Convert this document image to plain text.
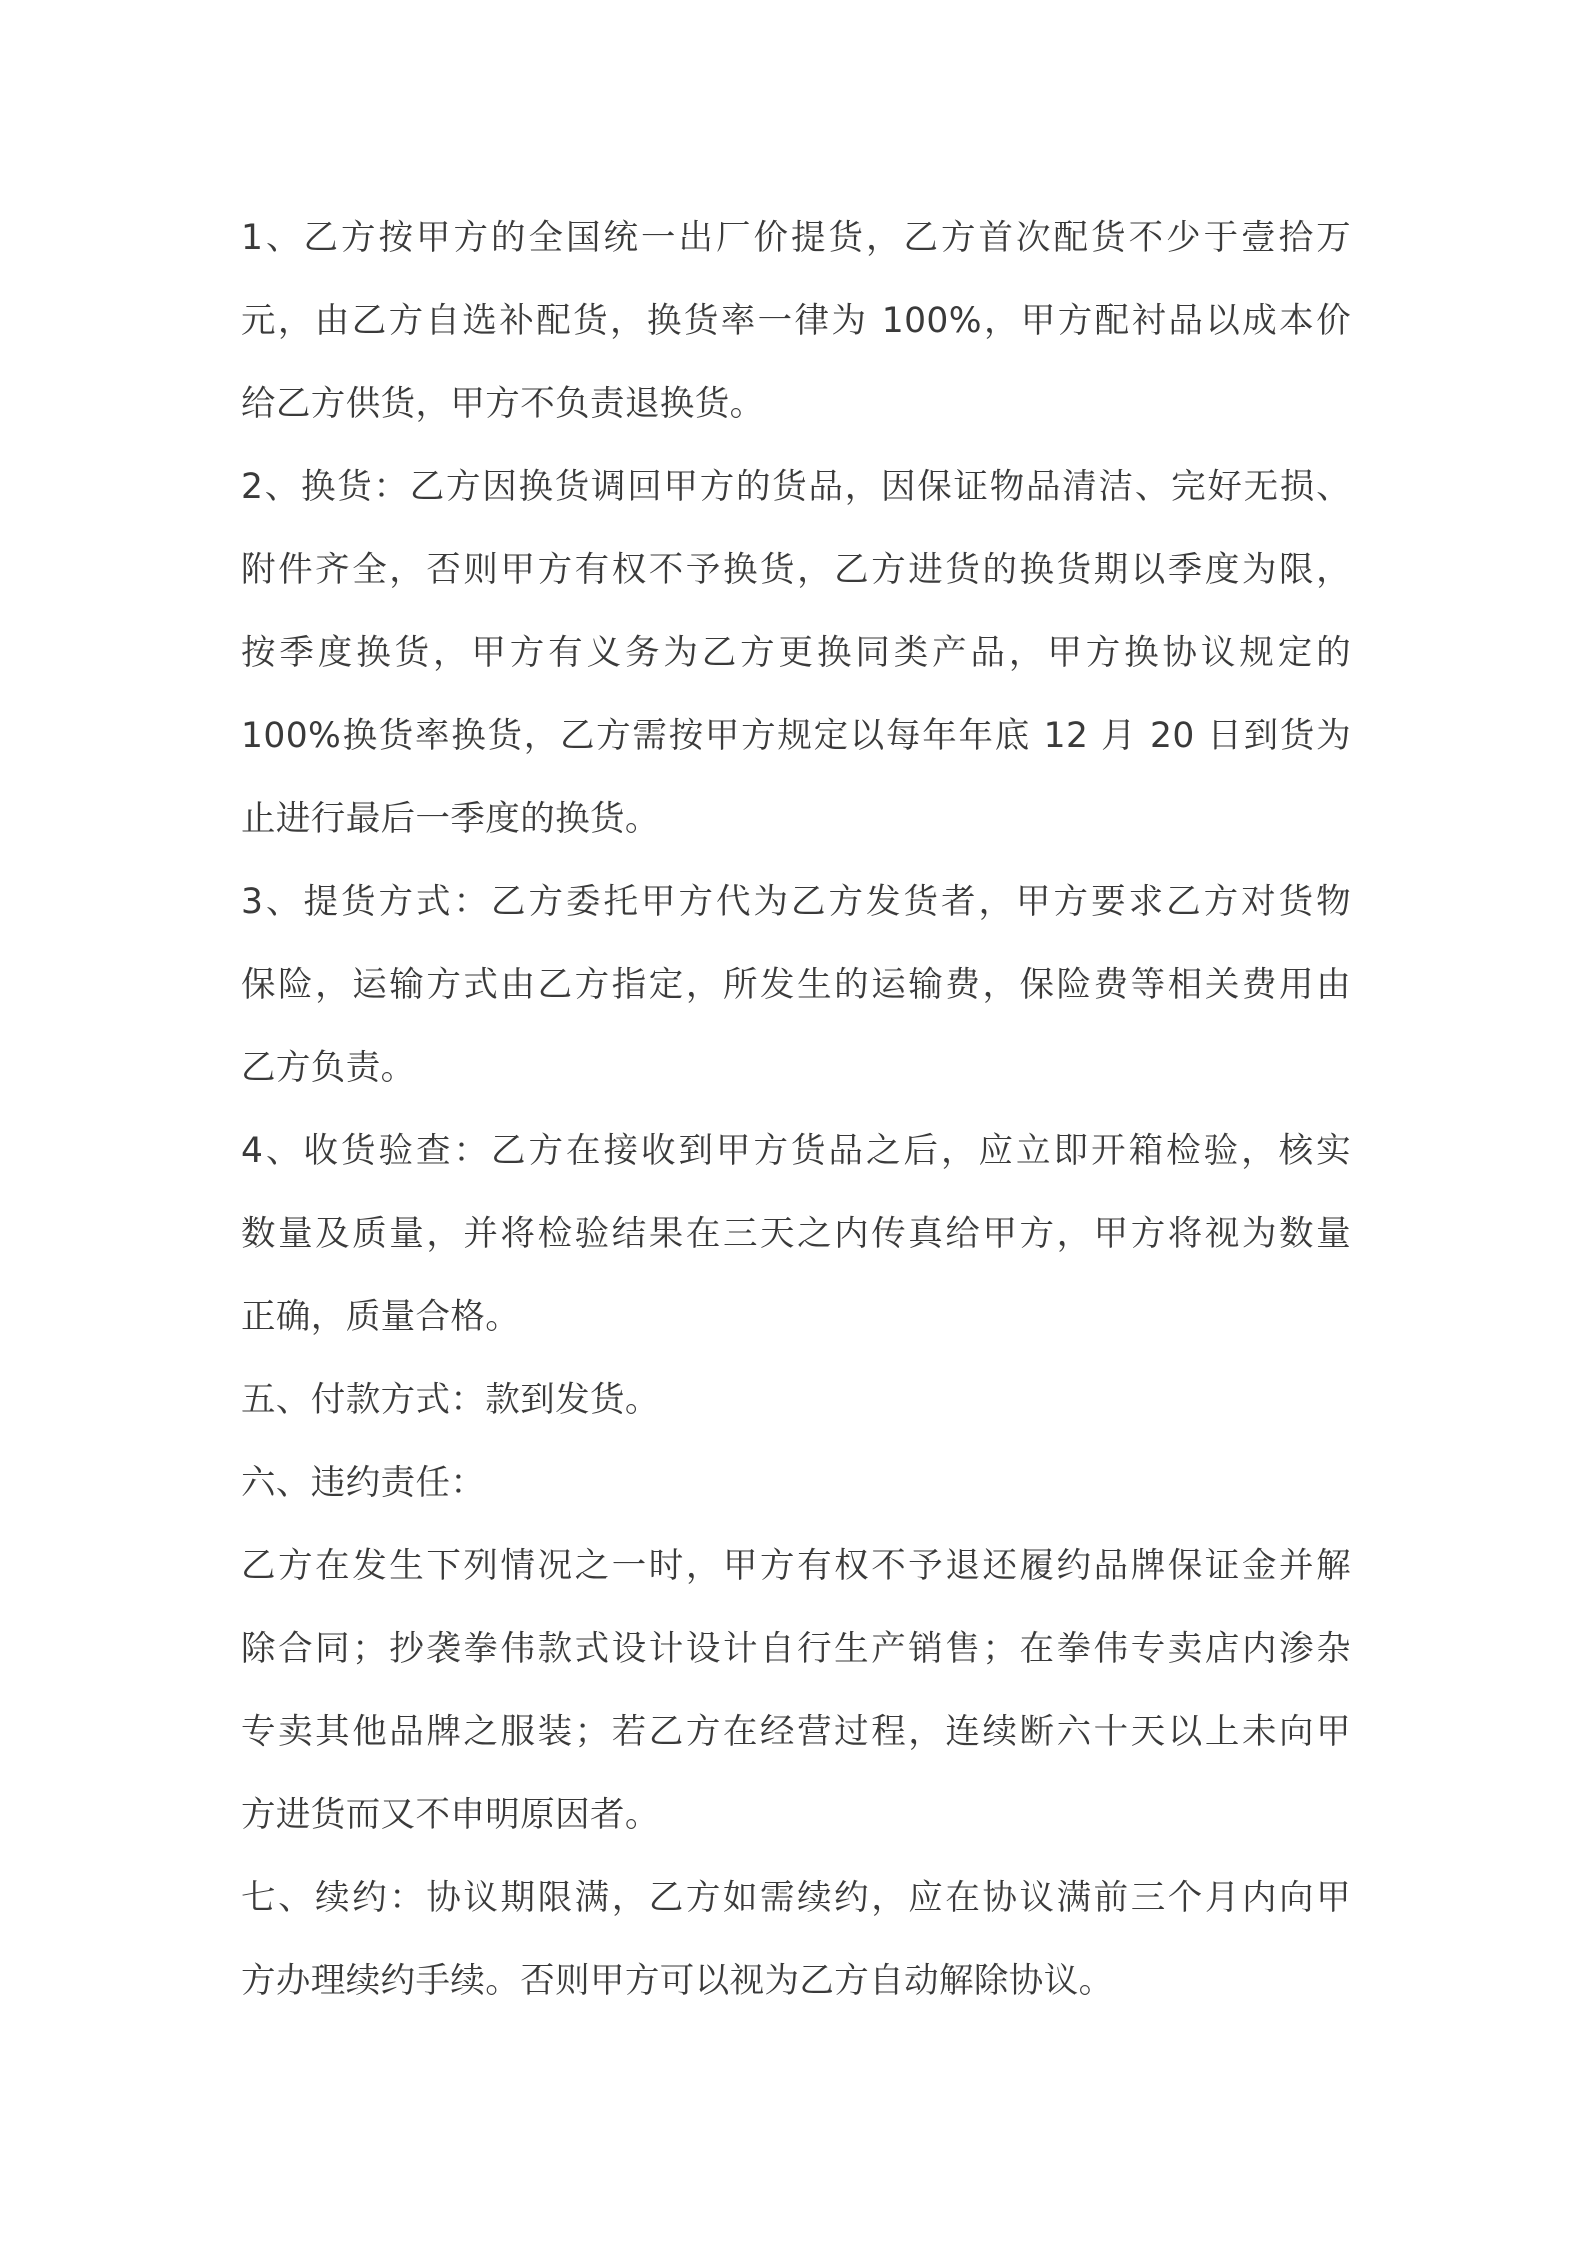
1、乙方按甲方的全国统一出厂价提货，乙方首次配货不少于壹拾万
元，由乙方自选补配货，换货率一律为 100%，甲方配衬品以成本价
给乙方供货，甲方不负责退换货。
2、换货：乙方因换货调回甲方的货品，因保证物品清洁、完好无损、
附件齐全，否则甲方有权不予换货，乙方进货的换货期以季度为限，
按季度换货，甲方有义务为乙方更换同类产品，甲方换协议规定的
100%换货率换货，乙方需按甲方规定以每年年底 12 月 20 日到货为
止进行最后一季度的换货。
3、提货方式：乙方委托甲方代为乙方发货者，甲方要求乙方对货物
保险，运输方式由乙方指定，所发生的运输费，保险费等相关费用由
乙方负责。
4、收货验查：乙方在接收到甲方货品之后，应立即开箱检验，核实
数量及质量，并将检验结果在三天之内传真给甲方，甲方将视为数量
正确，质量合格。
五、付款方式：款到发货。
六、违约责任：
乙方在发生下列情况之一时，甲方有权不予退还履约品牌保证金并解
除合同；抄袭拳伟款式设计设计自行生产销售；在拳伟专卖店内渗杂
专卖其他品牌之服装；若乙方在经营过程，连续断六十天以上未向甲
方进货而又不申明原因者。
七、续约：协议期限满，乙方如需续约，应在协议满前三个月内向甲
方办理续约手续。否则甲方可以视为乙方自动解除协议。
